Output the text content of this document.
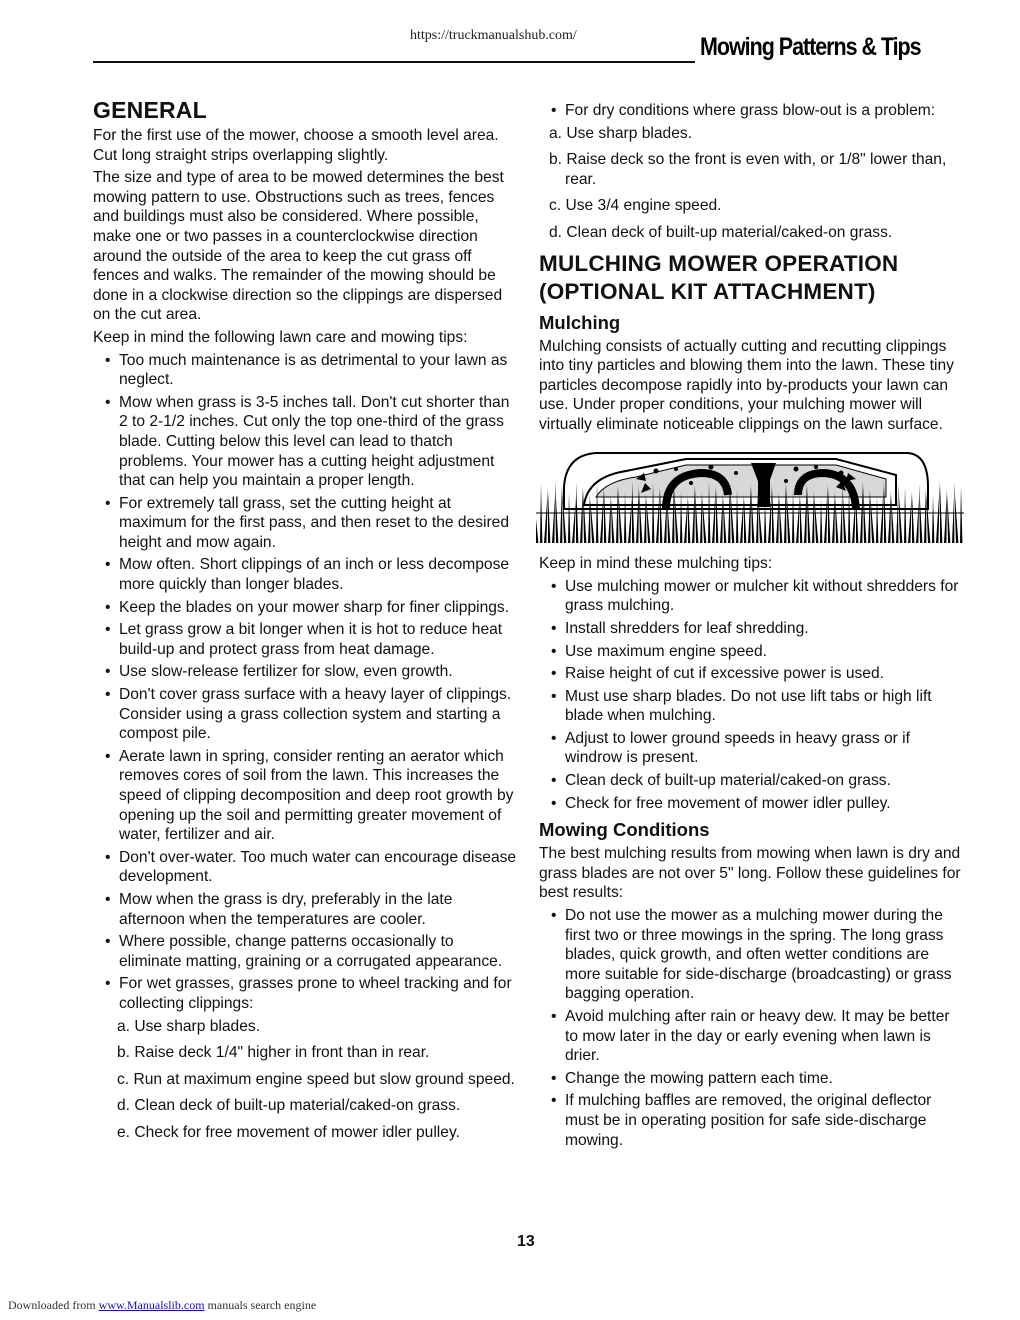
https://truckmanualshub.com/	Mowing Patterns & Tips
GENERAL

For the first use of the mower, choose a smooth level area. Cut long straight strips overlapping slightly.

The size and type of area to be mowed determines the best mowing pattern to use. Obstructions such as trees, fences and buildings must also be considered. Where possible, make one or two passes in a counterclockwise direction around the outside of the area to keep the cut grass off fences and walks. The remainder of the mowing should be done in a clockwise direction so the clippings are dispersed on the cut area.

Keep in mind the following lawn care and mowing tips:

• Too much maintenance is as detrimental to your lawn as neglect.
• Mow when grass is 3-5 inches tall. Don't cut shorter than 2 to 2-1/2 inches. Cut only the top one-third of the grass blade. Cutting below this level can lead to thatch problems. Your mower has a cutting height adjustment that can help you maintain a proper length.
• For extremely tall grass, set the cutting height at maximum for the first pass, and then reset to the desired height and mow again.
• Mow often. Short clippings of an inch or less decompose more quickly than longer blades.
• Keep the blades on your mower sharp for finer clippings.
• Let grass grow a bit longer when it is hot to reduce heat build-up and protect grass from heat damage.
• Use slow-release fertilizer for slow, even growth.
• Don't cover grass surface with a heavy layer of clippings. Consider using a grass collection system and starting a compost pile.
• Aerate lawn in spring, consider renting an aerator which removes cores of soil from the lawn. This increases the speed of clipping decomposition and deep root growth by opening up the soil and permitting greater movement of water, fertilizer and air.
• Don't over-water. Too much water can encourage disease development.
• Mow when the grass is dry, preferably in the late afternoon when the temperatures are cooler.
• Where possible, change patterns occasionally to eliminate matting, graining or a corrugated appearance.
• For wet grasses, grasses prone to wheel tracking and for collecting clippings:
a. Use sharp blades.
b. Raise deck 1/4" higher in front than in rear.
c. Run at maximum engine speed but slow ground speed.
d. Clean deck of built-up material/caked-on grass.
e. Check for free movement of mower idler pulley.
• For dry conditions where grass blow-out is a problem:
a. Use sharp blades.
b. Raise deck so the front is even with, or 1/8" lower than, rear.
c. Use 3/4 engine speed.
d. Clean deck of built-up material/caked-on grass.
MULCHING MOWER OPERATION (OPTIONAL KIT ATTACHMENT)
Mulching

Mulching consists of actually cutting and recutting clippings into tiny particles and blowing them into the lawn. These tiny particles decompose rapidly into by-products your lawn can use. Under proper conditions, your mulching mower will virtually eliminate noticeable clippings on the lawn surface.

Keep in mind these mulching tips:

• Use mulching mower or mulcher kit without shredders for grass mulching.
• Install shredders for leaf shredding.
• Use maximum engine speed.
• Raise height of cut if excessive power is used.
• Must use sharp blades. Do not use lift tabs or high lift blade when mulching.
• Adjust to lower ground speeds in heavy grass or if windrow is present.
• Clean deck of built-up material/caked-on grass.
• Check for free movement of mower idler pulley.
Mowing Conditions

The best mulching results from mowing when lawn is dry and grass blades are not over 5" long. Follow these guidelines for best results:

• Do not use the mower as a mulching mower during the first two or three mowings in the spring. The long grass blades, quick growth, and often wetter conditions are more suitable for side-discharge (broadcasting) or grass bagging operation.
• Avoid mulching after rain or heavy dew. It may be better to mow later in the day or early evening when lawn is drier.
• Change the mowing pattern each time.
• If mulching baffles are removed, the original deflector must be in operating position for safe side-discharge mowing.
13
Downloaded from www.Manualslib.com manuals search engine
